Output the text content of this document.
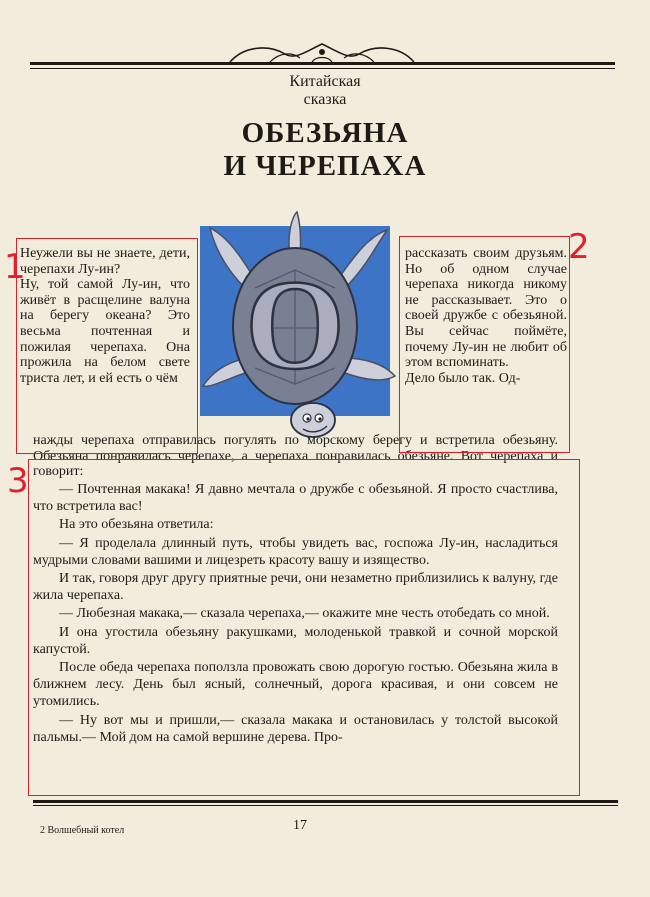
Китайская
сказка
ОБЕЗЬЯНА
И ЧЕРЕПАХА
О

Неужели вы не знаете, дети, черепахи Лу-ин?

Ну, той самой Лу-ин, что живёт в расщелине валуна на берегу океана? Это весьма почтенная и пожилая черепаха. Она прожила на белом свете триста лет, и ей есть о чём

рассказать своим друзьям. Но об одном случае черепаха никогда никому не рассказывает. Это о своей дружбе с обезьяной. Вы сейчас поймёте, почему Лу-ин не любит об этом вспоминать.

Дело было так. Од-

нажды черепаха отправилась погулять по морскому берегу и встретила обезьяну. Обезьяна понравилась черепахе, а черепаха понравилась обезьяне. Вот черепаха и говорит:

— Почтенная макака! Я давно мечтала о дружбе с обезьяной. Я просто счастлива, что встретила вас!

На это обезьяна ответила:

— Я проделала длинный путь, чтобы увидеть вас, госпожа Лу-ин, насладиться мудрыми словами вашими и лицезреть красоту вашу и изящество.

И так, говоря друг другу приятные речи, они незаметно приблизились к валуну, где жила черепаха.

— Любезная макака,— сказала черепаха,— окажите мне честь отобедать со мной.

И она угостила обезьяну ракушками, молоденькой травкой и сочной морской капустой.

После обеда черепаха поползла провожать свою дорогую гостью. Обезьяна жила в ближнем лесу. День был ясный, солнечный, дорога красивая, и они совсем не утомились.

— Ну вот мы и пришли,— сказала макака и остановилась у толстой высокой пальмы.— Мой дом на самой вершине дерева. Про-

1	2
3
2 Волшебный котел	17
